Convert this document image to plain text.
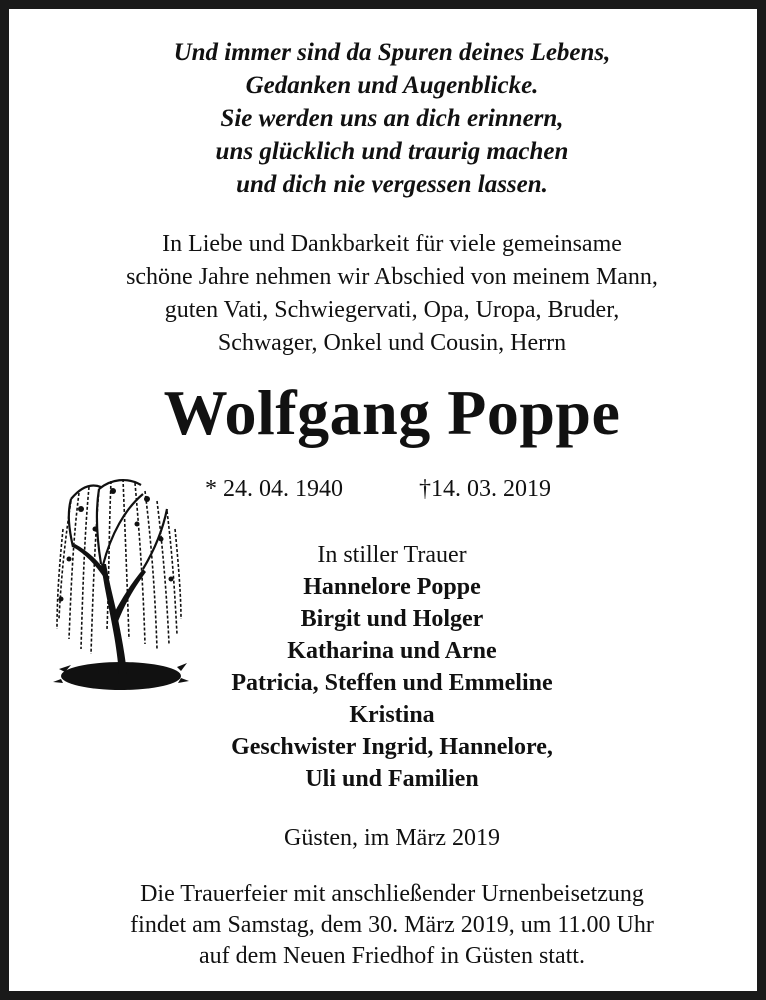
Und immer sind da Spuren deines Lebens,
Gedanken und Augenblicke.
Sie werden uns an dich erinnern,
uns glücklich und traurig machen
und dich nie vergessen lassen.
In Liebe und Dankbarkeit für viele gemeinsame
schöne Jahre nehmen wir Abschied von meinem Mann,
guten Vati, Schwiegervati, Opa, Uropa, Bruder,
Schwager, Onkel und Cousin, Herrn
Wolfgang Poppe
* 24. 04. 1940	†14. 03. 2019
In stiller Trauer
Hannelore Poppe
Birgit und Holger
Katharina und Arne
Patricia, Steffen und Emmeline
Kristina
Geschwister Ingrid, Hannelore,
Uli und Familien
Güsten, im März 2019
Die Trauerfeier mit anschließender Urnenbeisetzung
findet am Samstag, dem 30. März 2019, um 11.00 Uhr
auf dem Neuen Friedhof in Güsten statt.
